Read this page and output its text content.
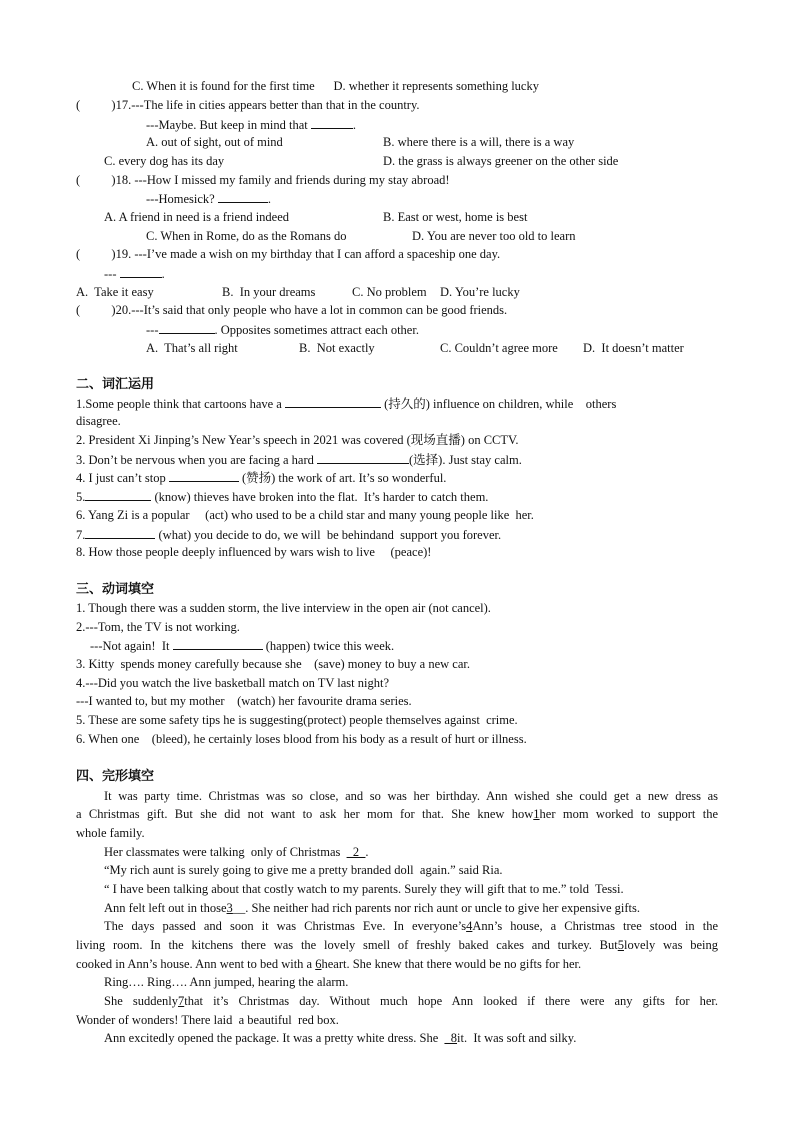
C. When it is found for the first time      D. whether it represents something lucky
(          )17.---The life in cities appears better than that in the country.
---Maybe. But keep in mind that	.
A. out of sight, out of mind	B. where there is a will, there is a way
C. every dog has its day	D. the grass is always greener on the other side
(          )18. ---How I missed my family and friends during my stay abroad!
---Homesick?	.
A. A friend in need is a friend indeed	B. East or west, home is best
C. When in Rome, do as the Romans do	D. You are never too old to learn
(          )19. ---I’ve made a wish on my birthday that I can afford a spaceship one day.
---	.
A.  Take it easy	B.  In your dreams	C. No problem D. You’re lucky
(          )20.---It’s said that only people who have a lot in common can be good friends.
---	. Opposites sometimes attract each other.
A.  That’s all right	B.  Not exactly	C. Couldn’t agree more D.  It doesn’t matter
二、词汇运用
1.Some people think that cartoons have a	(持久的) influence on children, while    others
disagree.
2. President Xi Jinping’s New Year’s speech in 2021 was covered (现场直播) on CCTV.
3. Don’t be nervous when you are facing a hard	(选择). Just stay calm.
4. I just can’t stop	(赞扬) the work of art. It’s so wonderful.
5.	(know) thieves have broken into the flat.  It’s harder to catch them.
6. Yang Zi is a popular     (act) who used to be a child star and many young people like  her.
7.	(what) you decide to do, we will  be behindand  support you forever.
8. How those people deeply influenced by wars wish to live     (peace)!
三、动词填空
1. Though there was a sudden storm, the live interview in the open air (not cancel).
2.---Tom, the TV is not working.
---Not again!  It	(happen) twice this week.
3. Kitty  spends money carefully because she    (save) money to buy a new car.
4.---Did you watch the live basketball match on TV last night?
---I wanted to, but my mother    (watch) her favourite drama series.
5. These are some safety tips he is suggesting(protect) people themselves against  crime.
6. When one    (bleed), he certainly loses blood from his body as a result of hurt or illness.
四、完形填空
It was party time. Christmas was so close, and so was her birthday. Ann wished she could get a new dress as
a Christmas gift. But she did not want to ask her mom for that. She knew how1her mom worked to support the
whole family.
Her classmates were talking  only of Christmas  _2_.
“My rich aunt is surely going to give me a pretty branded doll  again.” said Ria.
“ I have been talking about that costly watch to my parents. Surely they will gift that to me.” told  Tessi.
Ann felt left out in those3__. She neither had rich parents nor rich aunt or uncle to give her expensive gifts.
The days passed and soon it was Christmas Eve. In everyone’s4Ann’s house, a Christmas tree stood in the
living room. In the kitchens there was the lovely smell of freshly baked cakes and turkey. But5lovely was being
cooked in Ann’s house. Ann went to bed with a 6heart. She knew that there would be no gifts for her.
Ring…. Ring…. Ann jumped, hearing the alarm.
She suddenly7that it’s Christmas day. Without much hope Ann looked if there were any gifts for her.
Wonder of wonders! There laid  a beautiful  red box.
Ann excitedly opened the package. It was a pretty white dress. She  _8it.  It was soft and silky.
